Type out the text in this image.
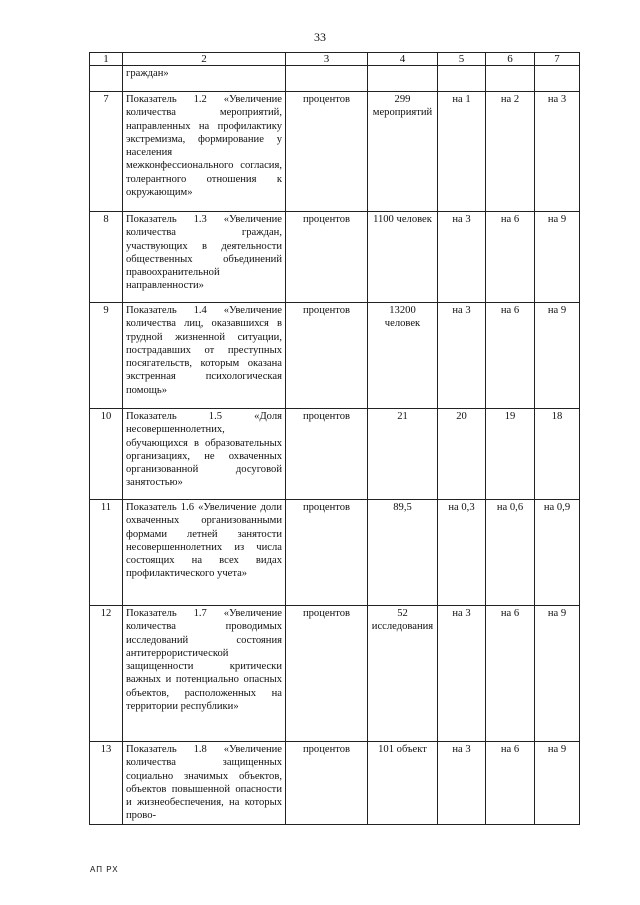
33
1	2	3	4	5	6	7
	граждан»					
7	Показатель 1.2 «Увеличение количества мероприятий, направленных на профилактику экстремизма, формирование у населения межконфессионального согласия, толерантного отношения к окружающим»	процентов	299 мероприятий	на 1	на 2	на 3
8	Показатель 1.3 «Увеличение количества граждан, участвующих в деятельности общественных объединений правоохранительной направленности»	процентов	1100 человек	на 3	на 6	на 9
9	Показатель 1.4 «Увеличение количества лиц, оказавшихся в трудной жизненной ситуации, пострадавших от преступных посягательств, которым оказана экстренная психологическая помощь»	процентов	13200 человек	на 3	на 6	на 9
10	Показатель 1.5 «Доля несовершеннолетних, обучающихся в образовательных организациях, не охваченных организованной досуговой занятостью»	процентов	21	20	19	18
11	Показатель 1.6 «Увеличение доли охваченных организованными формами летней занятости несовершеннолетних из числа состоящих на всех видах профилактического учета»	процентов	89,5	на 0,3	на 0,6	на 0,9
12	Показатель 1.7 «Увеличение количества проводимых исследований состояния антитеррористической защищенности критически важных и потенциально опасных объектов, расположенных на территории республики»	процентов	52 исследования	на 3	на 6	на 9
13	Показатель 1.8 «Увеличение количества защищенных социально значимых объектов, объектов повышенной опасности и жизнеобеспечения, на которых прово-	процентов	101 объект	на 3	на 6	на 9
АП РХ
